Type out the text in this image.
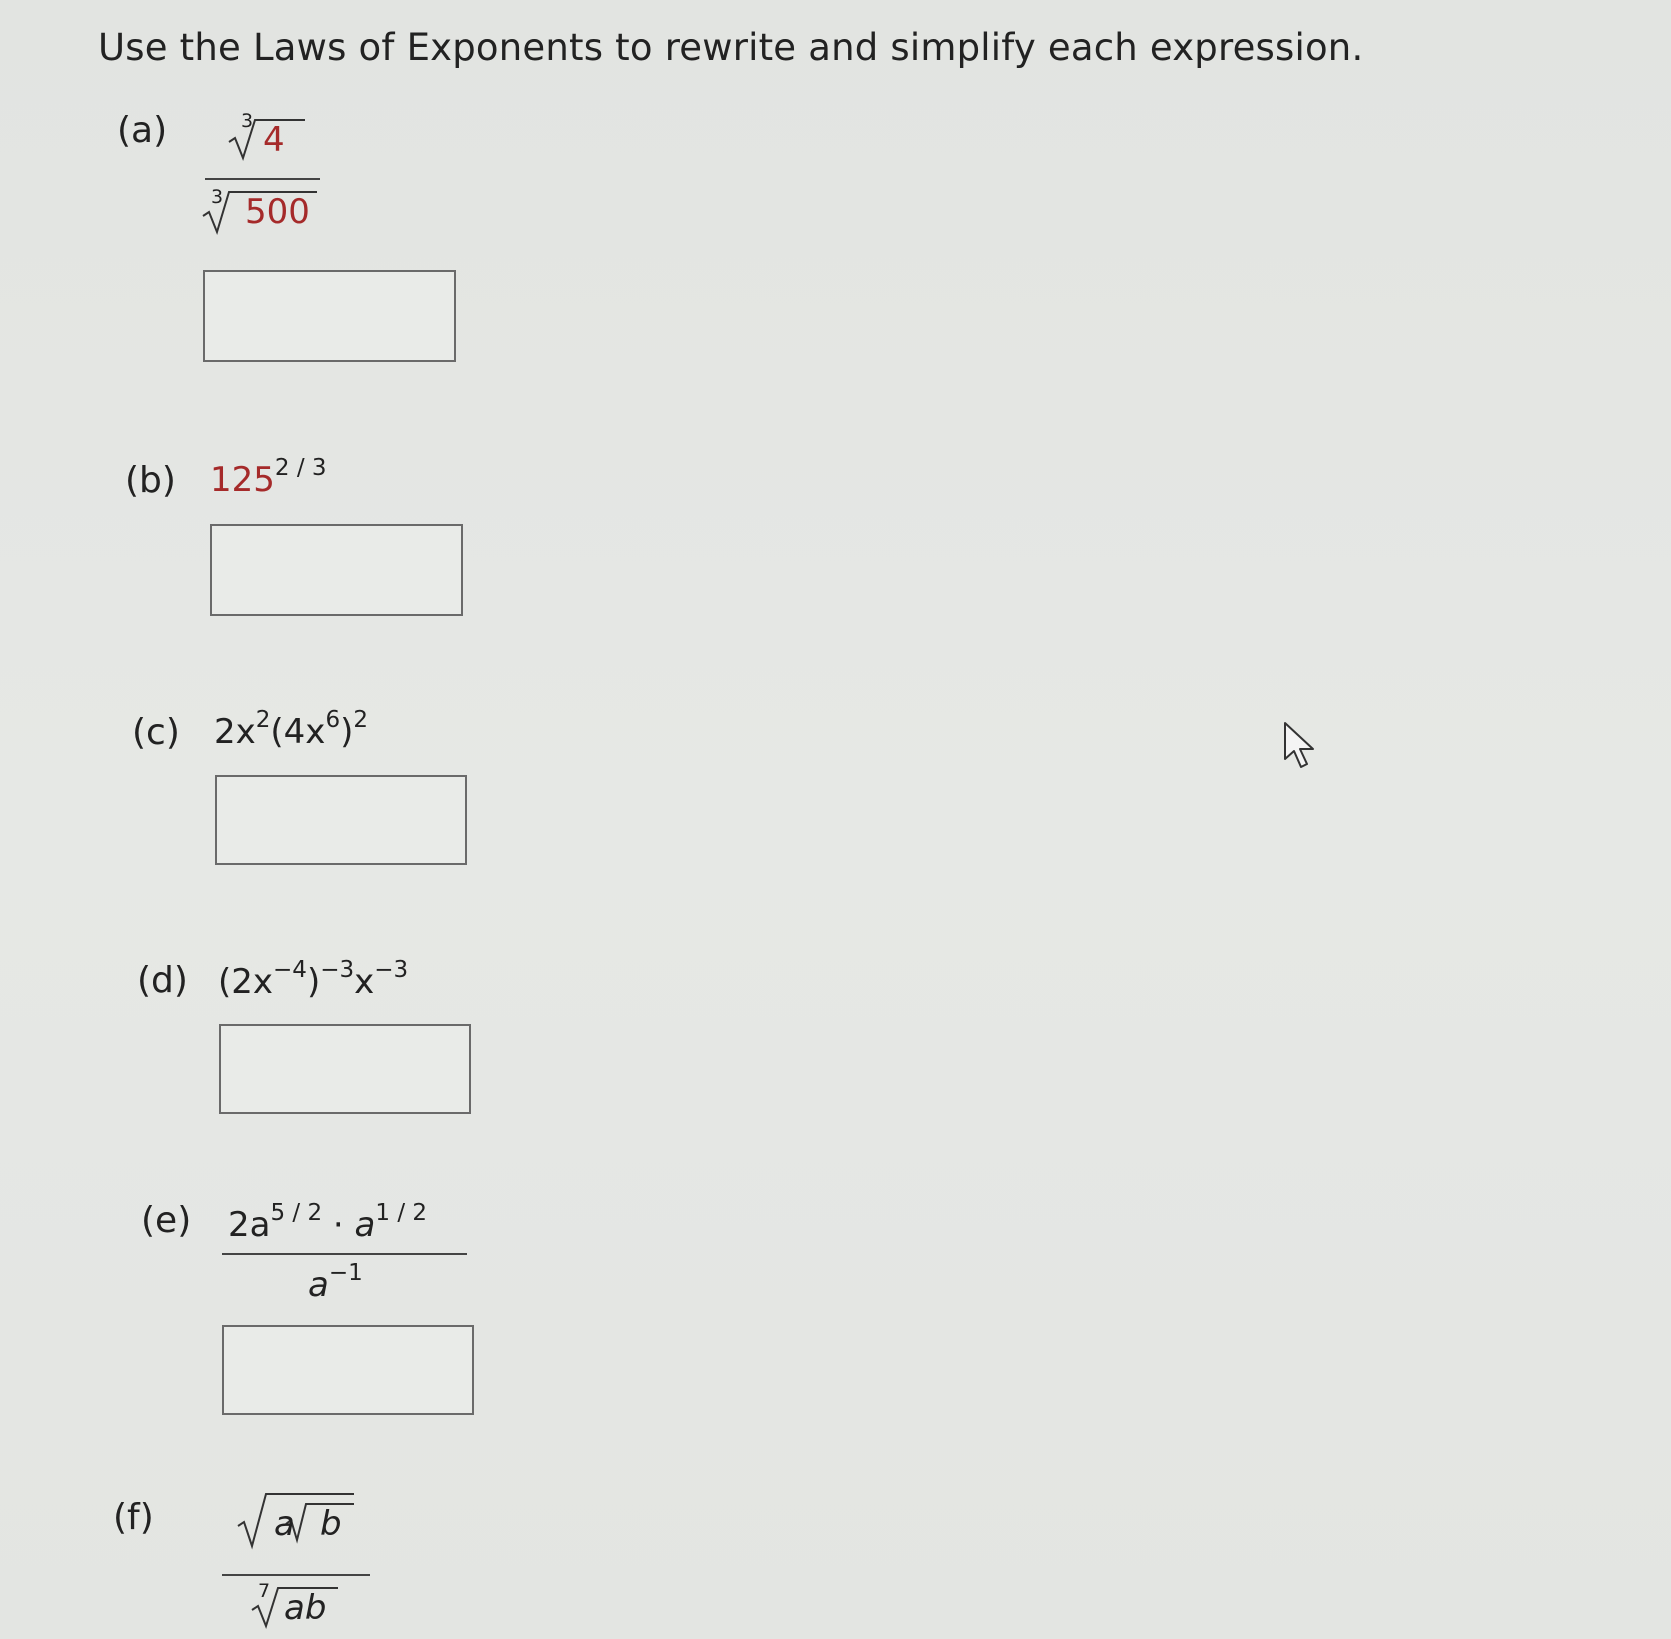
Use the Laws of Exponents to rewrite and simplify each expression.
(a)	3 4
3 500
(b) $125^{2 / 3}$
(c) $2x^2(4x^6)^2$
(d) $(2x^{-4})^{-3}x^{-3}$
(e) $2a^{5 / 2} \cdot a^{1 / 2}$
$a^{-1}$
(f)	a b
7 ab
